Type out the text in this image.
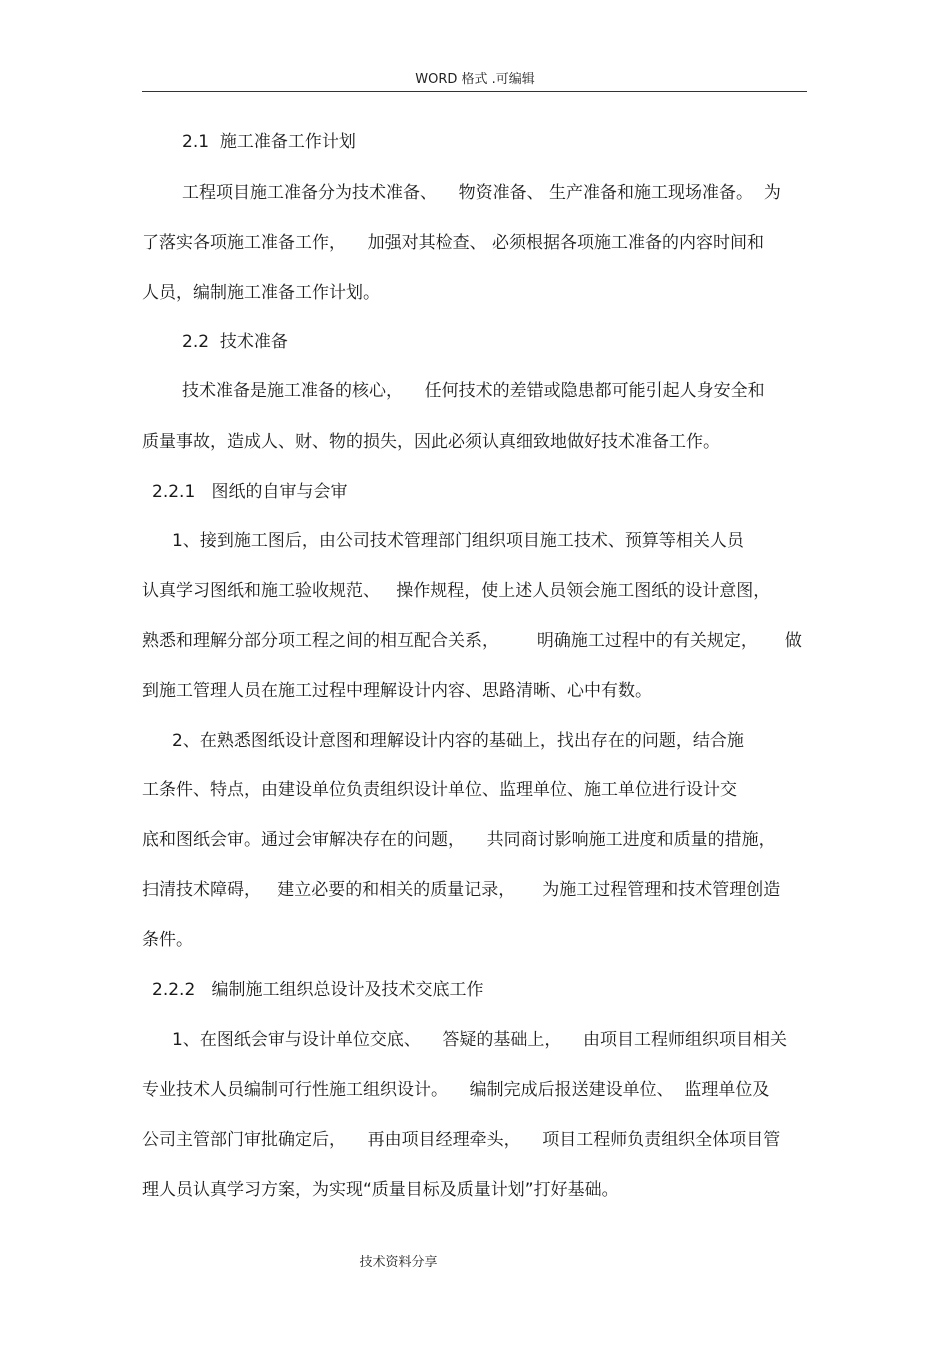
WORD 格式 .可编辑
2.1  施工准备工作计划
工程项目施工准备分为技术准备、    物资准备、 生产准备和施工现场准备。  为
了落实各项施工准备工作，    加强对其检查、 必须根据各项施工准备的内容时间和
人员，编制施工准备工作计划。
2.2  技术准备
技术准备是施工准备的核心，    任何技术的差错或隐患都可能引起人身安全和
质量事故，造成人、财、物的损失，因此必须认真细致地做好技术准备工作。
2.2.1   图纸的自审与会审
1、接到施工图后，由公司技术管理部门组织项目施工技术、预算等相关人员
认真学习图纸和施工验收规范、   操作规程，使上述人员领会施工图纸的设计意图，
熟悉和理解分部分项工程之间的相互配合关系，       明确施工过程中的有关规定，     做
到施工管理人员在施工过程中理解设计内容、思路清晰、心中有数。
2、在熟悉图纸设计意图和理解设计内容的基础上，找出存在的问题，结合施
工条件、特点，由建设单位负责组织设计单位、监理单位、施工单位进行设计交
底和图纸会审。通过会审解决存在的问题，    共同商讨影响施工进度和质量的措施，
扫清技术障碍，   建立必要的和相关的质量记录，     为施工过程管理和技术管理创造
条件。
2.2.2   编制施工组织总设计及技术交底工作
1、在图纸会审与设计单位交底、    答疑的基础上，    由项目工程师组织项目相关
专业技术人员编制可行性施工组织设计。    编制完成后报送建设单位、  监理单位及
公司主管部门审批确定后，    再由项目经理牵头，    项目工程师负责组织全体项目管
理人员认真学习方案，为实现“质量目标及质量计划”打好基础。
技术资料分享
